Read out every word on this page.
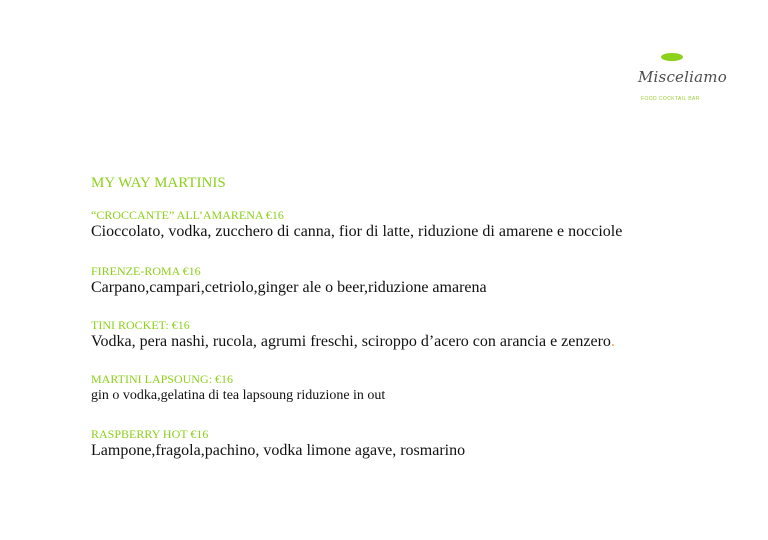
Misceliamo
FOOD COCKTAIL BAR
MY WAY MARTINIS
“CROCCANTE” ALL’AMARENA €16
Cioccolato, vodka, zucchero di canna, fior di latte, riduzione di amarene e nocciole
FIRENZE-ROMA €16
Carpano,campari,cetriolo,ginger ale o beer,riduzione amarena
TINI ROCKET: €16
Vodka, pera nashi, rucola, agrumi freschi, sciroppo d’acero con arancia e zenzero.
MARTINI LAPSOUNG: €16
gin o vodka,gelatina di tea lapsoung riduzione in out
RASPBERRY HOT €16
Lampone,fragola,pachino, vodka limone agave, rosmarino
